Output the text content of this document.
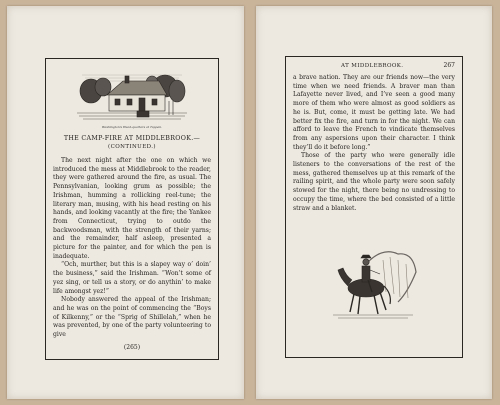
Washington's Head-quarters at Tappan.
THE CAMP-FIRE AT MIDDLEBROOK.—
(CONTINUED.)

The next night after the one on which we introduced the mess at Middlebrook to the reader, they were gathered around the fire, as usual. The Pennsylvanian, looking grum as possible; the Irishman, humming a rollicking reel-tune; the literary man, musing, with his head resting on his hands, and looking vacantly at the fire; the Yankee from Connecticut, trying to outdo the backwoodsman, with the strength of their yarns; and the remainder, half asleep, presented a picture for the painter, and for which the pen is inadequate.

“Och, murther, but this is a slapey way o’ doin’ the business,” said the Irishman. “Won’t some of yez sing, or tell us a story, or do anythin’ to make life amongst yez!”

Nobody answered the appeal of the Irishman; and he was on the point of commencing the “Boys of Kilkenny,” or the “Sprig of Shillelah,” when he was prevented, by one of the party volunteering to give

(265)
AT MIDDLEBROOK.	267

a brave nation. They are our friends now—the very time when we need friends. A braver man than Lafayette never lived, and I’ve seen a good many more of them who were almost as good soldiers as he is. But, come, it must be getting late. We had better fix the fire, and turn in for the night. We can afford to leave the French to vindicate themselves from any aspersions upon their character. I think they’ll do it before long.”

Those of the party who were generally idle listeners to the conversations of the rest of the mess, gathered themselves up at this remark of the railing spirit, and the whole party were soon safely stowed for the night, there being no undressing to occupy the time, where the bed consisted of a little straw and a blanket.
